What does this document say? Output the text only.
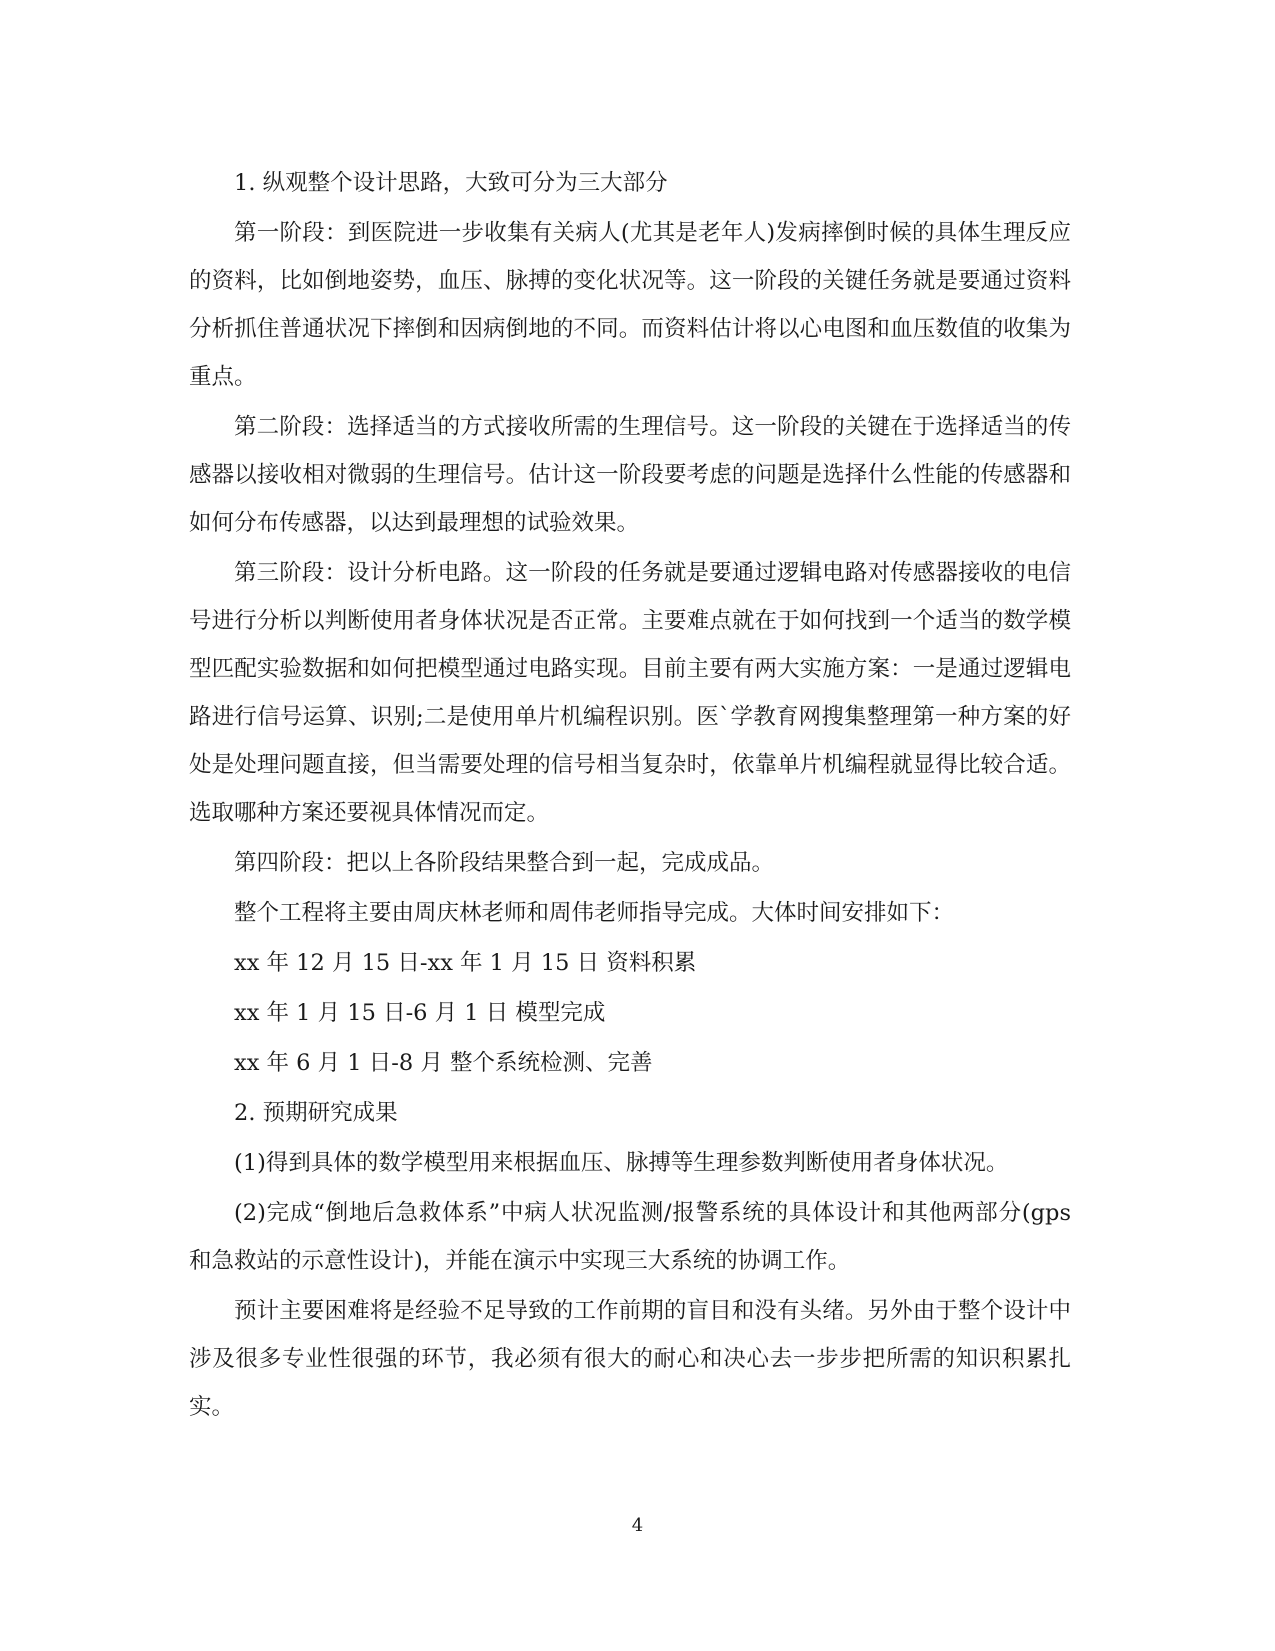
1. 纵观整个设计思路，大致可分为三大部分

第一阶段：到医院进一步收集有关病人(尤其是老年人)发病摔倒时候的具体生理反应的资料，比如倒地姿势，血压、脉搏的变化状况等。这一阶段的关键任务就是要通过资料分析抓住普通状况下摔倒和因病倒地的不同。而资料估计将以心电图和血压数值的收集为重点。

第二阶段：选择适当的方式接收所需的生理信号。这一阶段的关键在于选择适当的传感器以接收相对微弱的生理信号。估计这一阶段要考虑的问题是选择什么性能的传感器和如何分布传感器，以达到最理想的试验效果。

第三阶段：设计分析电路。这一阶段的任务就是要通过逻辑电路对传感器接收的电信号进行分析以判断使用者身体状况是否正常。主要难点就在于如何找到一个适当的数学模型匹配实验数据和如何把模型通过电路实现。目前主要有两大实施方案：一是通过逻辑电路进行信号运算、识别;二是使用单片机编程识别。医`学教育网搜集整理第一种方案的好处是处理问题直接，但当需要处理的信号相当复杂时，依靠单片机编程就显得比较合适。选取哪种方案还要视具体情况而定。

第四阶段：把以上各阶段结果整合到一起，完成成品。

整个工程将主要由周庆林老师和周伟老师指导完成。大体时间安排如下：

xx 年 12 月 15 日-xx 年 1 月 15 日 资料积累

xx 年 1 月 15 日-6 月 1 日 模型完成

xx 年 6 月 1 日-8 月 整个系统检测、完善

2. 预期研究成果

(1)得到具体的数学模型用来根据血压、脉搏等生理参数判断使用者身体状况。

(2)完成“倒地后急救体系”中病人状况监测/报警系统的具体设计和其他两部分(gps 和急救站的示意性设计)，并能在演示中实现三大系统的协调工作。

预计主要困难将是经验不足导致的工作前期的盲目和没有头绪。另外由于整个设计中涉及很多专业性很强的环节，我必须有很大的耐心和决心去一步步把所需的知识积累扎实。

4
